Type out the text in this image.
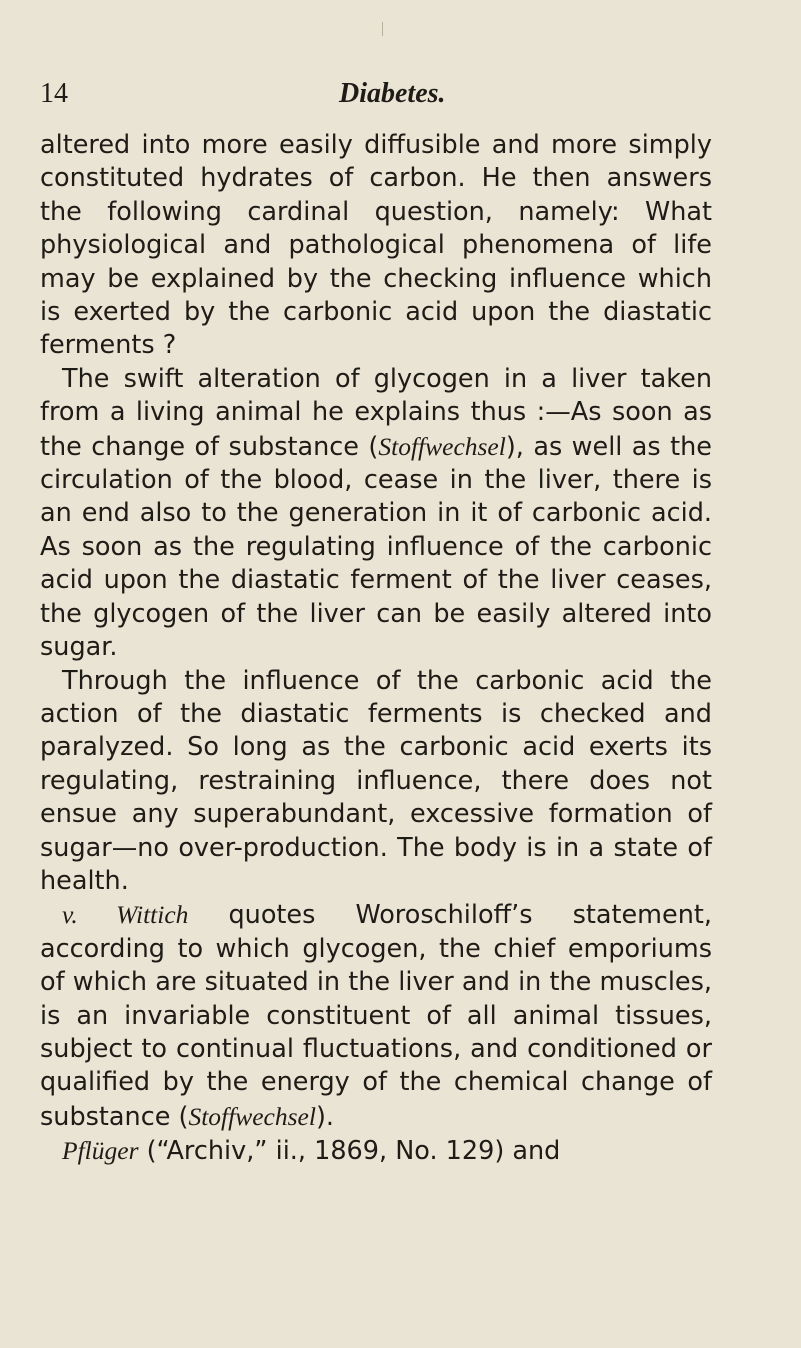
14	Diabetes.

altered into more easily diffusible and more simply constituted hydrates of carbon. He then answers the following cardinal question, namely: What physiological and pathological phenomena of life may be explained by the checking influence which is exerted by the carbonic acid upon the diastatic ferments ?

The swift alteration of glycogen in a liver taken from a living animal he explains thus :—As soon as the change of substance (Stoffwechsel), as well as the circulation of the blood, cease in the liver, there is an end also to the generation in it of carbonic acid. As soon as the regulating influence of the carbonic acid upon the diastatic ferment of the liver ceases, the glycogen of the liver can be easily altered into sugar.

Through the influence of the carbonic acid the action of the diastatic ferments is checked and paralyzed. So long as the carbonic acid exerts its regulating, restraining influence, there does not ensue any superabundant, excessive formation of sugar—no over-production. The body is in a state of health.

v. Wittich quotes Woroschiloff’s statement, according to which glycogen, the chief emporiums of which are situated in the liver and in the muscles, is an invariable constituent of all animal tissues, subject to continual fluctuations, and conditioned or qualified by the energy of the chemical change of substance (Stoffwechsel).

Pflüger (“Archiv,” ii., 1869, No. 129) and
